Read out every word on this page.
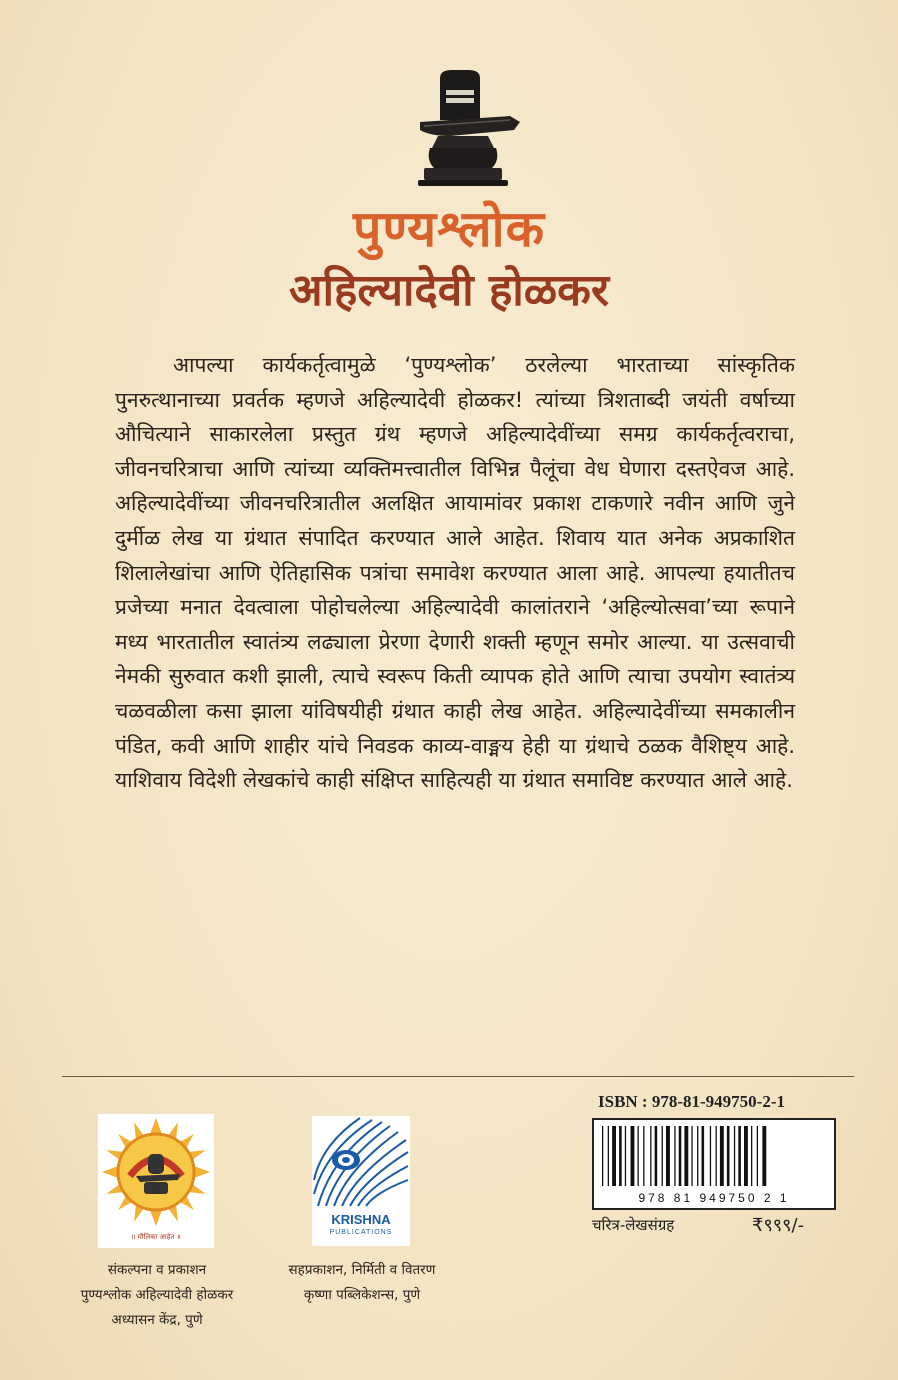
पुण्यश्लोक
अहिल्यादेवी होळकर
आपल्या कार्यकर्तृत्वामुळे ‘पुण्यश्लोक’ ठरलेल्या भारताच्या सांस्कृतिक पुनरुत्थानाच्या प्रवर्तक म्हणजे अहिल्यादेवी होळकर! त्यांच्या त्रिशताब्दी जयंती वर्षाच्या औचित्याने साकारलेला प्रस्तुत ग्रंथ म्हणजे अहिल्यादेवींच्या समग्र कार्यकर्तृत्वराचा, जीवनचरित्राचा आणि त्यांच्या व्यक्तिमत्त्वातील विभिन्न पैलूंचा वेध घेणारा दस्तऐवज आहे. अहिल्यादेवींच्या जीवनचरित्रातील अलक्षित आयामांवर प्रकाश टाकणारे नवीन आणि जुने दुर्मीळ लेख या ग्रंथात संपादित करण्यात आले आहेत. शिवाय यात अनेक अप्रकाशित शिलालेखांचा आणि ऐतिहासिक पत्रांचा समावेश करण्यात आला आहे. आपल्या हयातीतच प्रजेच्या मनात देवत्वाला पोहोचलेल्या अहिल्यादेवी कालांतराने ‘अहिल्योत्सवा’च्या रूपाने मध्य भारतातील स्वातंत्र्य लढ्याला प्रेरणा देणारी शक्ती म्हणून समोर आल्या. या उत्सवाची नेमकी सुरुवात कशी झाली, त्याचे स्वरूप किती व्यापक होते आणि त्याचा उपयोग स्वातंत्र्य चळवळीला कसा झाला यांविषयीही ग्रंथात काही लेख आहेत. अहिल्यादेवींच्या समकालीन पंडित, कवी आणि शाहीर यांचे निवडक काव्य-वाङ्मय हेही या ग्रंथाचे ठळक वैशिष्ट्य आहे. याशिवाय विदेशी लेखकांचे काही संक्षिप्त साहित्यही या ग्रंथात समाविष्ट करण्यात आले आहे.
॥ मौलिका आहेत ॥
KRISHNA
PUBLICATIONS
संकल्पना व प्रकाशन
पुण्यश्लोक अहिल्यादेवी होळकर
अध्यासन केंद्र, पुणे
सहप्रकाशन, निर्मिती व वितरण
कृष्णा पब्लिकेशन्स, पुणे
ISBN : 978-81-949750-2-1
978 81 949750 2 1
चरित्र-लेखसंग्रह	₹९९९/-
